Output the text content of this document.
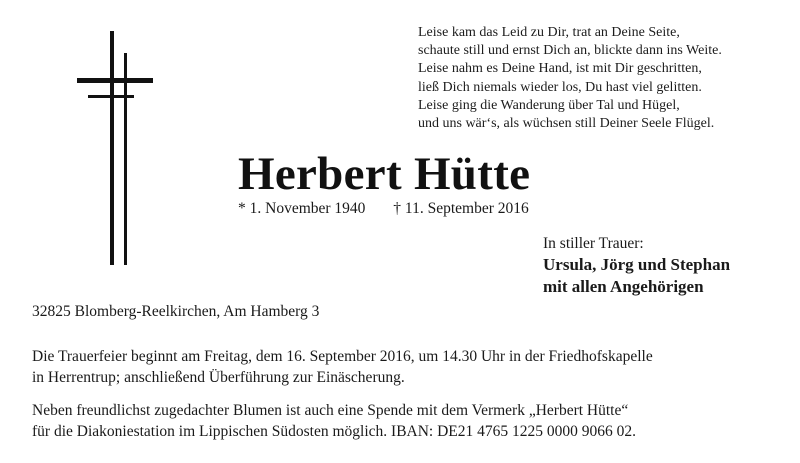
Leise kam das Leid zu Dir, trat an Deine Seite,
schaute still und ernst Dich an, blickte dann ins Weite.
Leise nahm es Deine Hand, ist mit Dir geschritten,
ließ Dich niemals wieder los, Du hast viel gelitten.
Leise ging die Wanderung über Tal und Hügel,
und uns wär‘s, als wüchsen still Deiner Seele Flügel.
Herbert Hütte
* 1. November 1940 † 11. September 2016
In stiller Trauer:
Ursula, Jörg und Stephan
mit allen Angehörigen
32825 Blomberg-Reelkirchen, Am Hamberg 3
Die Trauerfeier beginnt am Freitag, dem 16. September 2016, um 14.30 Uhr in der Friedhofskapelle
in Herrentrup; anschließend Überführung zur Einäscherung.
Neben freundlichst zugedachter Blumen ist auch eine Spende mit dem Vermerk „Herbert Hütte“
für die Diakoniestation im Lippischen Südosten möglich. IBAN: DE21 4765 1225 0000 9066 02.
